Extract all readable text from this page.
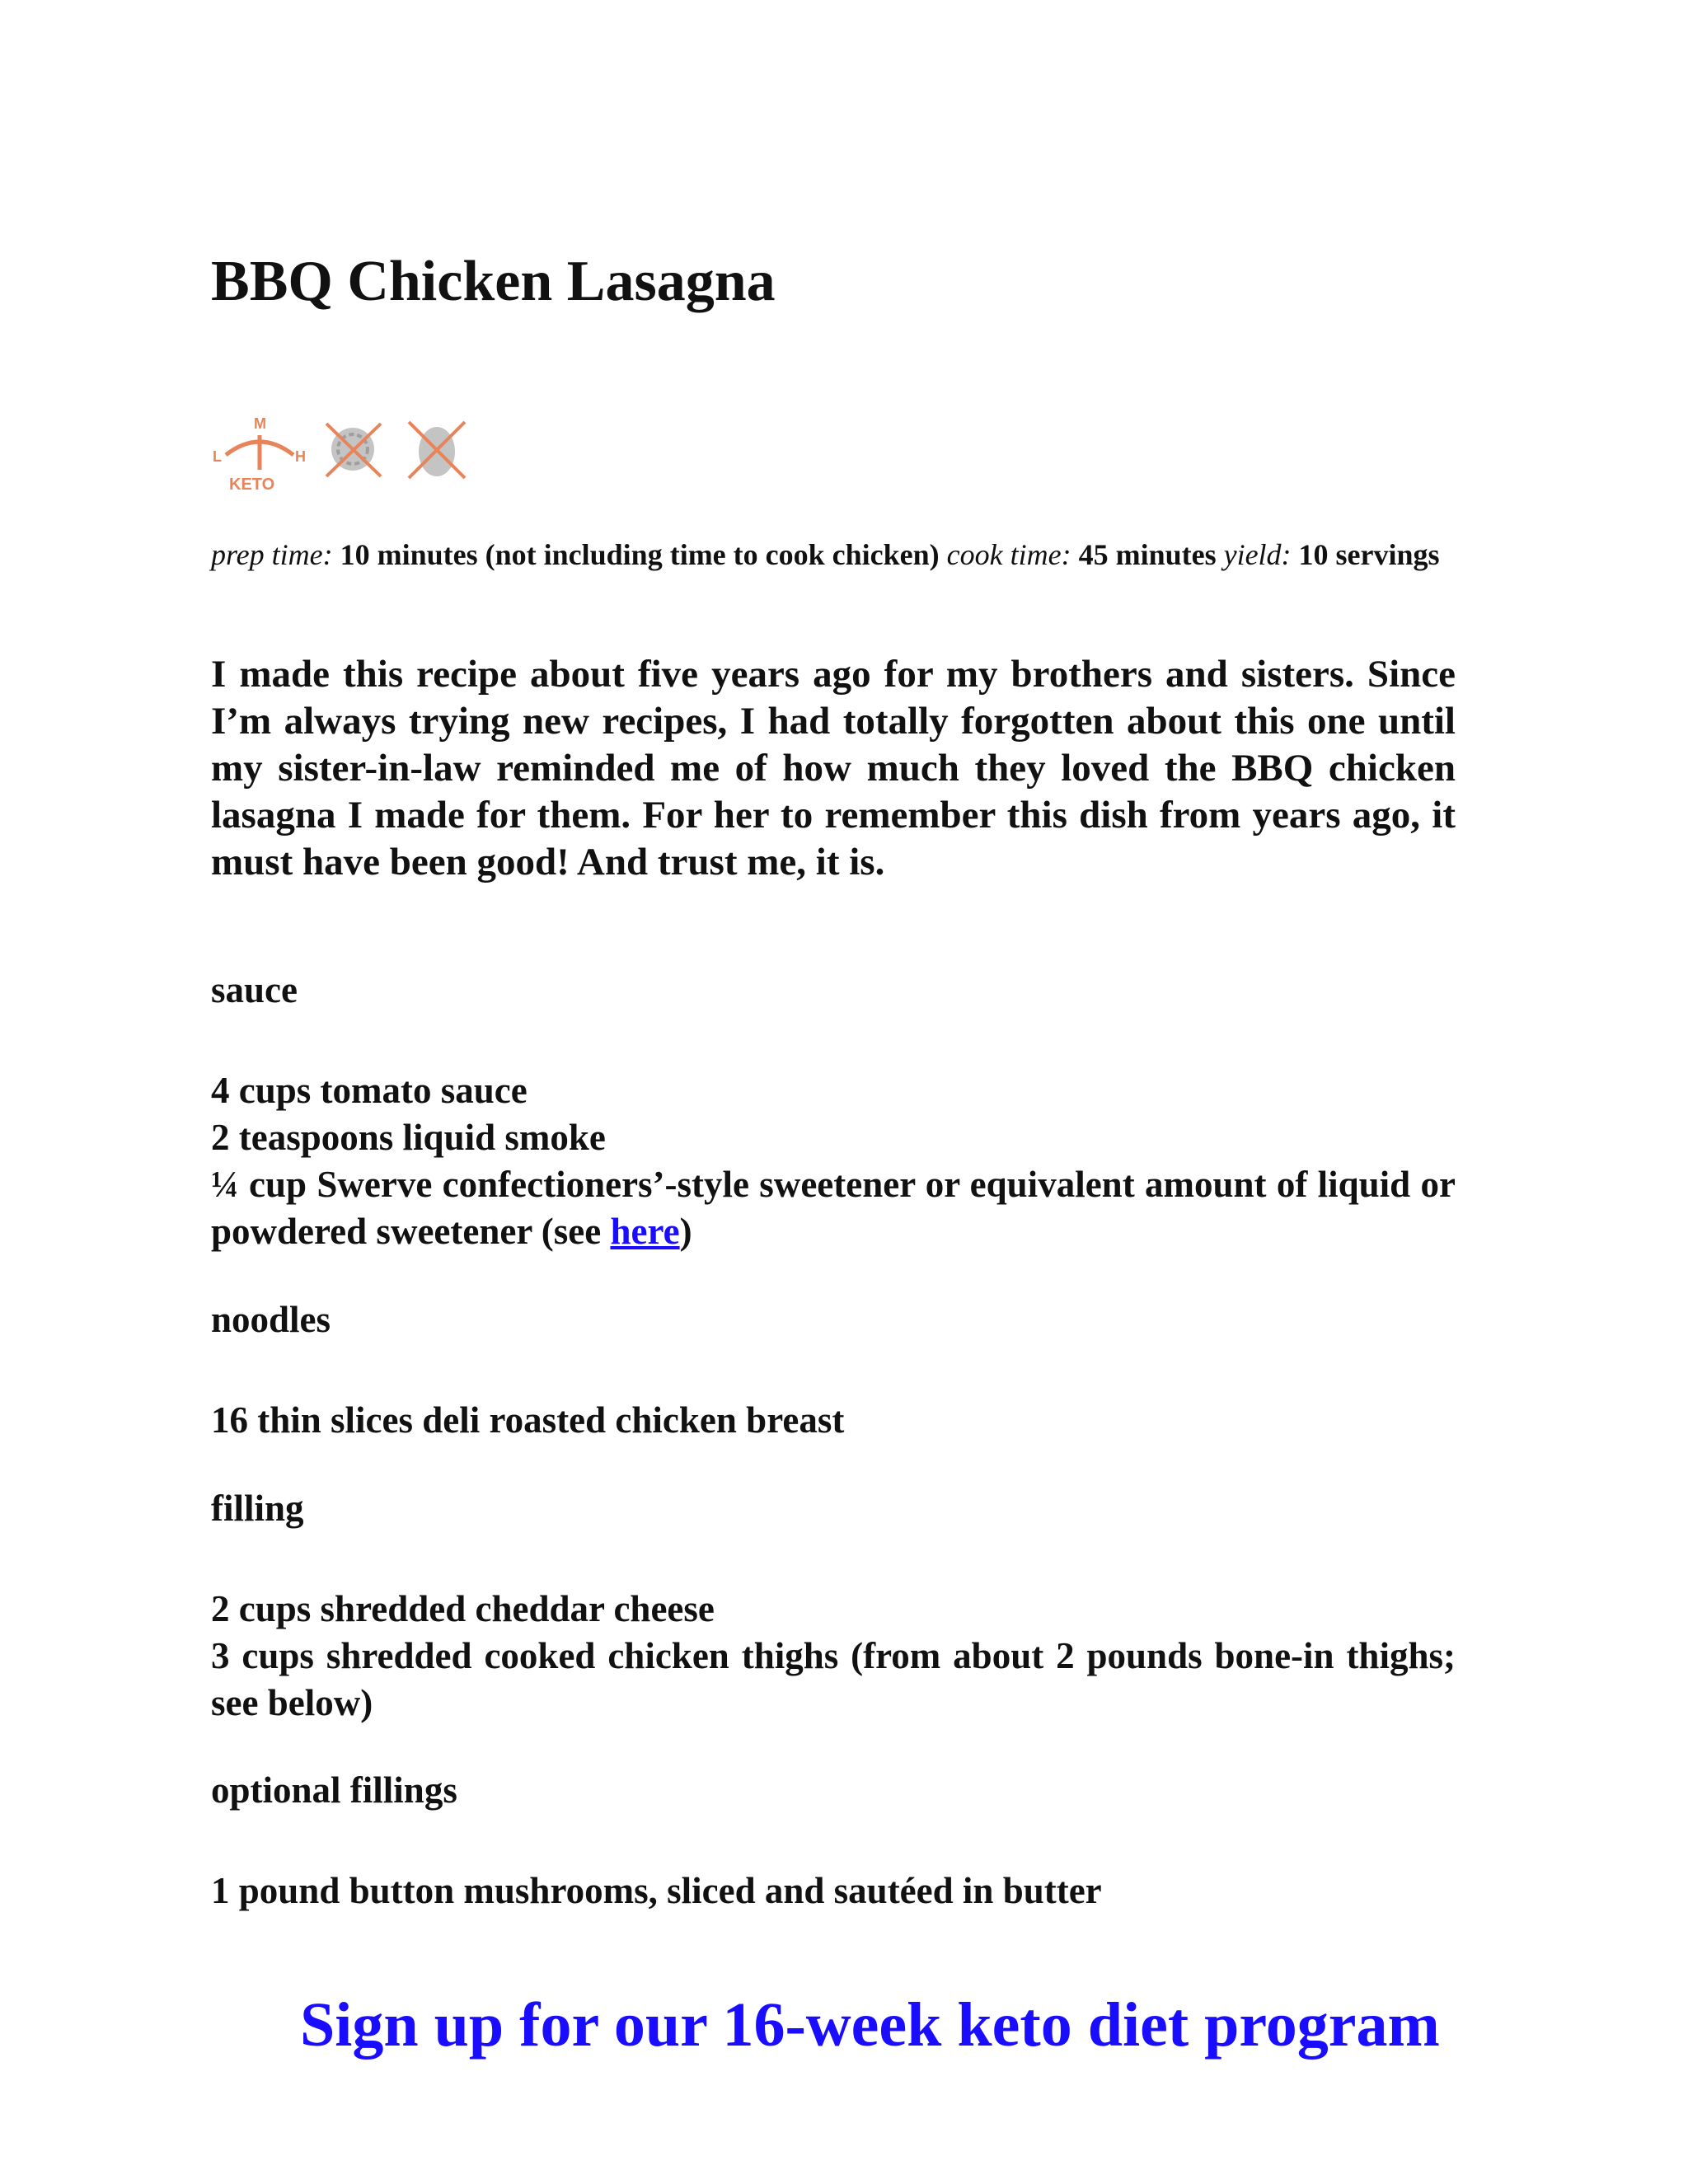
BBQ Chicken Lasagna
M
L	H
KETO
prep time: 10 minutes (not including time to cook chicken) cook time: 45 minutes yield: 10 servings

I made this recipe about five years ago for my brothers and sisters. Since I’m always trying new recipes, I had totally forgotten about this one until my sister-in-law reminded me of how much they loved the BBQ chicken lasagna I made for them. For her to remember this dish from years ago, it must have been good! And trust me, it is.

sauce

4 cups tomato sauce

2 teaspoons liquid smoke

¼ cup Swerve confectioners’-style sweetener or equivalent amount of liquid or powdered sweetener (see here)

noodles

16 thin slices deli roasted chicken breast

filling

2 cups shredded cheddar cheese

3 cups shredded cooked chicken thighs (from about 2 pounds bone-in thighs; see below)

optional fillings

1 pound button mushrooms, sliced and sautéed in butter

Sign up for our 16-week keto diet program
